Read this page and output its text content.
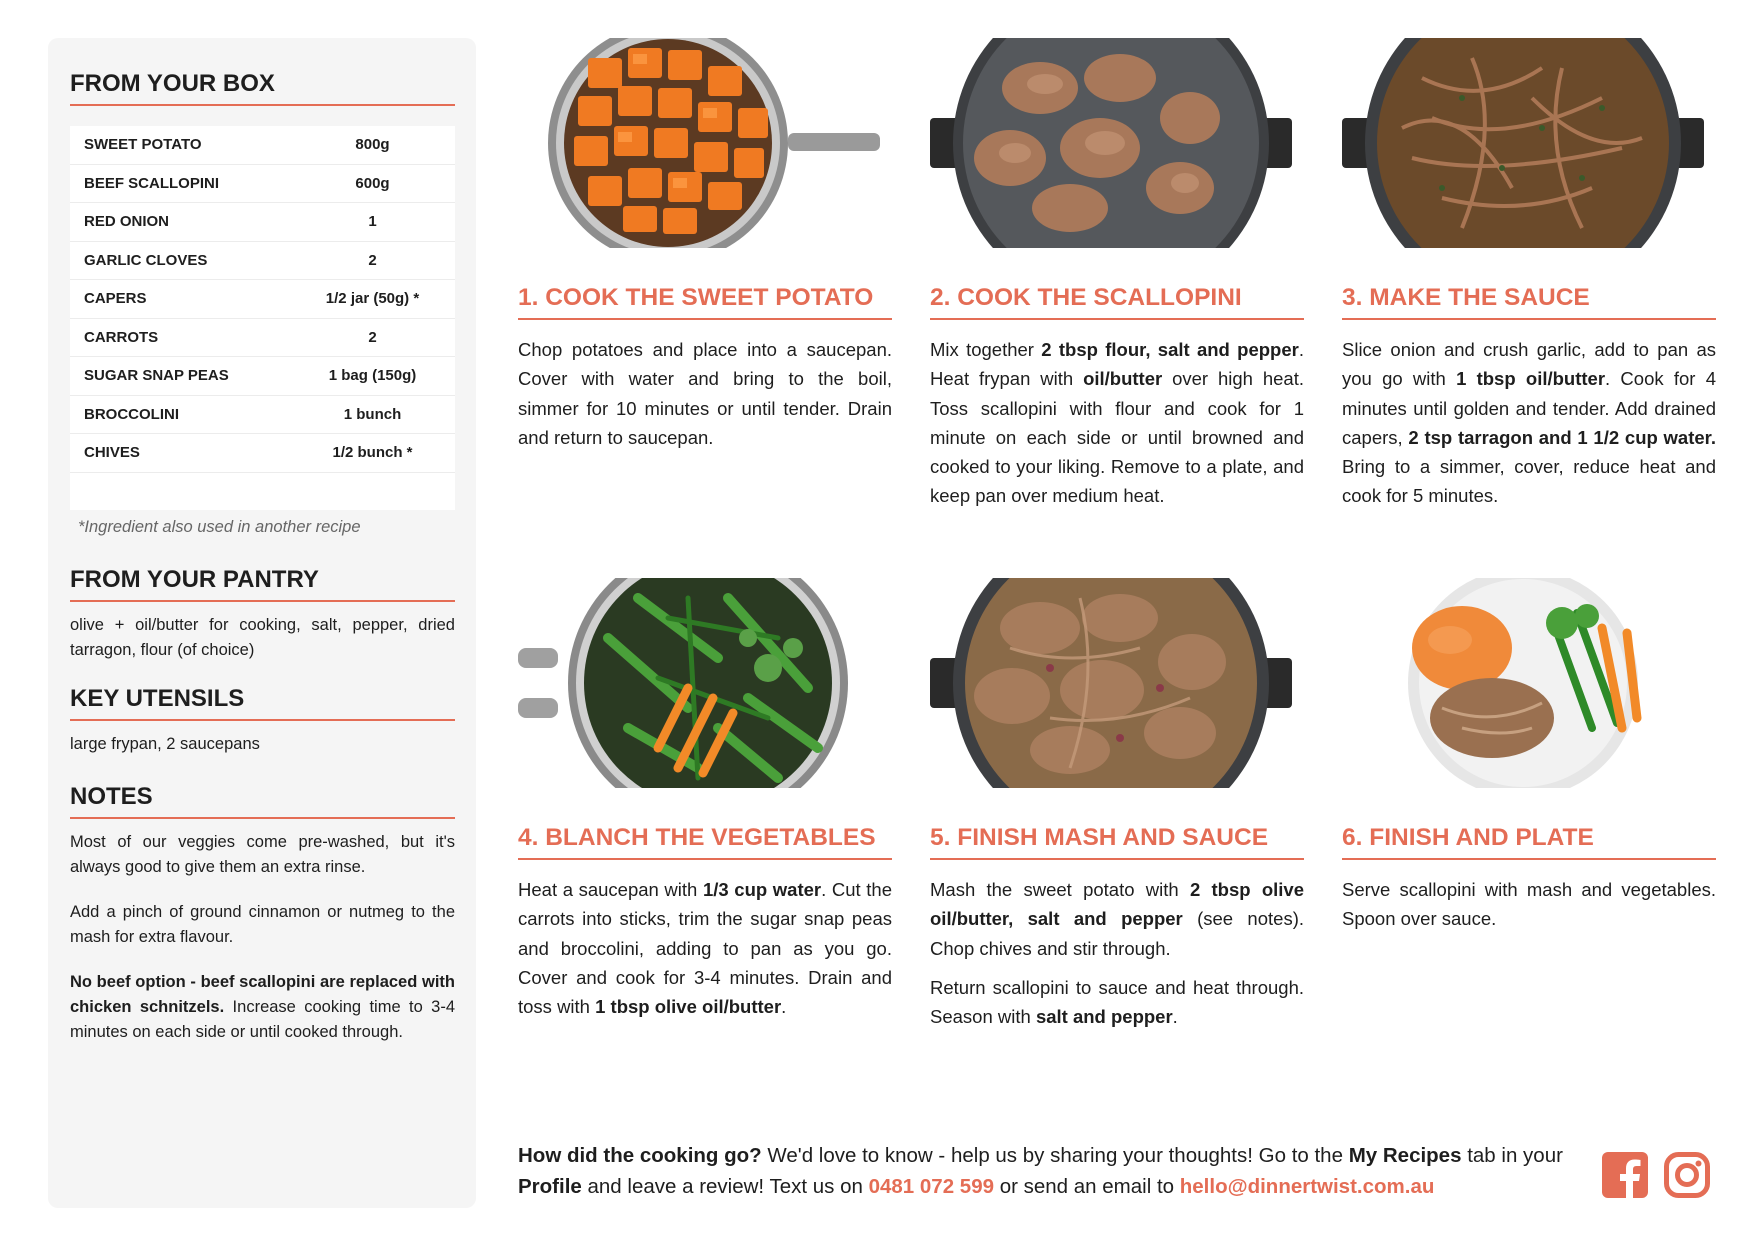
FROM YOUR BOX
SWEET POTATO	800g
BEEF SCALLOPINI	600g
RED ONION	1
GARLIC CLOVES	2
CAPERS	1/2 jar (50g) *
CARROTS	2
SUGAR SNAP PEAS	1 bag (150g)
BROCCOLINI	1 bunch
CHIVES	1/2 bunch *
*Ingredient also used in another recipe
FROM YOUR PANTRY
olive + oil/butter for cooking, salt, pepper, dried tarragon, flour (of choice)
KEY UTENSILS
large frypan, 2 saucepans
NOTES
Most of our veggies come pre-washed, but it's always good to give them an extra rinse.
Add a pinch of ground cinnamon or nutmeg to the mash for extra flavour.
No beef option - beef scallopini are replaced with chicken schnitzels. Increase cooking time to 3-4 minutes on each side or until cooked through.
1. COOK THE SWEET POTATO
Chop potatoes and place into a saucepan. Cover with water and bring to the boil, simmer for 10 minutes or until tender. Drain and return to saucepan.
2. COOK THE SCALLOPINI
Mix together 2 tbsp flour, salt and pepper. Heat frypan with oil/butter over high heat. Toss scallopini with flour and cook for 1 minute on each side or until browned and cooked to your liking. Remove to a plate, and keep pan over medium heat.
3. MAKE THE SAUCE
Slice onion and crush garlic, add to pan as you go with 1 tbsp oil/butter. Cook for 4 minutes until golden and tender. Add drained capers, 2 tsp tarragon and 1 1/2 cup water. Bring to a simmer, cover, reduce heat and cook for 5 minutes.
4. BLANCH THE VEGETABLES
Heat a saucepan with 1/3 cup water. Cut the carrots into sticks, trim the sugar snap peas and broccolini, adding to pan as you go. Cover and cook for 3-4 minutes. Drain and toss with 1 tbsp olive oil/butter.
5. FINISH MASH AND SAUCE
Mash the sweet potato with 2 tbsp olive oil/butter, salt and pepper (see notes). Chop chives and stir through.
Return scallopini to sauce and heat through. Season with salt and pepper.
6. FINISH AND PLATE
Serve scallopini with mash and vegetables. Spoon over sauce.
How did the cooking go? We'd love to know - help us by sharing your thoughts! Go to the My Recipes tab in your Profile and leave a review! Text us on 0481 072 599 or send an email to hello@dinnertwist.com.au
